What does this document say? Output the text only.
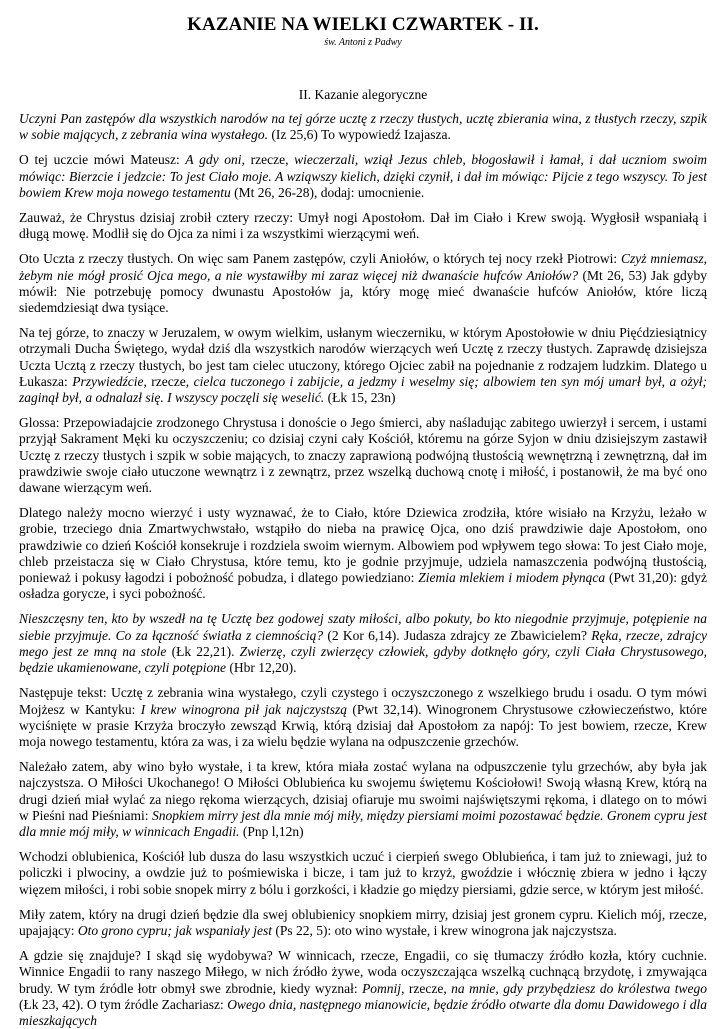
KAZANIE NA WIELKI CZWARTEK - II.
św. Antoni z Padwy
II. Kazanie alegoryczne

Uczyni Pan zastępów dla wszystkich narodów na tej górze ucztę z rzeczy tłustych, ucztę zbierania wina, z tłustych rzeczy, szpik w sobie mających, z zebrania wina wystałego. (Iz 25,6) To wypowiedź Izajasza.

O tej uczcie mówi Mateusz: A gdy oni, rzecze, wieczerzali, wziął Jezus chleb, błogosławił i łamał, i dał uczniom swoim mówiąc: Bierzcie i jedzcie: To jest Ciało moje. A wziąwszy kielich, dzięki czynił, i dał im mówiąc: Pijcie z tego wszyscy. To jest bowiem Krew moja nowego testamentu (Mt 26, 26-28), dodaj: umocnienie.

Zauważ, że Chrystus dzisiaj zrobił cztery rzeczy: Umył nogi Apostołom. Dał im Ciało i Krew swoją. Wygłosił wspaniałą i długą mowę. Modlił się do Ojca za nimi i za wszystkimi wierzącymi weń.

Oto Uczta z rzeczy tłustych. On więc sam Panem zastępów, czyli Aniołów, o których tej nocy rzekł Piotrowi: Czyż mniemasz, żebym nie mógł prosić Ojca mego, a nie wystawiłby mi zaraz więcej niż dwanaście hufców Aniołów? (Mt 26, 53) Jak gdyby mówił: Nie potrzebuję pomocy dwunastu Apostołów ja, który mogę mieć dwanaście hufców Aniołów, które liczą siedemdziesiąt dwa tysiące.

Na tej górze, to znaczy w Jeruzalem, w owym wielkim, usłanym wieczerniku, w którym Apostołowie w dniu Pięćdziesiątnicy otrzymali Ducha Świętego, wydał dziś dla wszystkich narodów wierzących weń Ucztę z rzeczy tłustych. Zaprawdę dzisiejsza Uczta Ucztą z rzeczy tłustych, bo jest tam cielec utuczony, którego Ojciec zabił na pojednanie z rodzajem ludzkim. Dlatego u Łukasza: Przywiedźcie, rzecze, cielca tuczonego i zabijcie, a jedzmy i weselmy się; albowiem ten syn mój umarł był, a ożył; zaginął był, a odnalazł się. I wszyscy poczęli się weselić. (Łk 15, 23n)

Glossa: Przepowiadajcie zrodzonego Chrystusa i donoście o Jego śmierci, aby naśladując zabitego uwierzył i sercem, i ustami przyjął Sakrament Męki ku oczyszczeniu; co dzisiaj czyni cały Kościół, któremu na górze Syjon w dniu dzisiejszym zastawił Ucztę z rzeczy tłustych i szpik w sobie mających, to znaczy zaprawioną podwójną tłustością wewnętrzną i zewnętrzną, dał im prawdziwie swoje ciało utuczone wewnątrz i z zewnątrz, przez wszelką duchową cnotę i miłość, i postanowił, że ma być ono dawane wierzącym weń.

Dlatego należy mocno wierzyć i usty wyznawać, że to Ciało, które Dziewica zrodziła, które wisiało na Krzyżu, leżało w grobie, trzeciego dnia Zmartwychwstało, wstąpiło do nieba na prawicę Ojca, ono dziś prawdziwie daje Apostołom, ono prawdziwie co dzień Kościół konsekruje i rozdziela swoim wiernym. Albowiem pod wpływem tego słowa: To jest Ciało moje, chleb przeistacza się w Ciało Chrystusa, które temu, kto je godnie przyjmuje, udziela namaszczenia podwójną tłustością, ponieważ i pokusy łagodzi i pobożność pobudza, i dlatego powiedziano: Ziemia mlekiem i miodem płynąca (Pwt 31,20): gdyż osładza gorycze, i syci pobożność.

Nieszczęsny ten, kto by wszedł na tę Ucztę bez godowej szaty miłości, albo pokuty, bo kto niegodnie przyjmuje, potępienie na siebie przyjmuje. Co za łączność światła z ciemnością? (2 Kor 6,14). Judasza zdrajcy ze Zbawicielem? Ręka, rzecze, zdrajcy mego jest ze mną na stole (Łk 22,21). Zwierzę, czyli zwierzęcy człowiek, gdyby dotknęło góry, czyli Ciała Chrystusowego, będzie ukamienowane, czyli potępione (Hbr 12,20).

Następuje tekst: Ucztę z zebrania wina wystałego, czyli czystego i oczyszczonego z wszelkiego brudu i osadu. O tym mówi Mojżesz w Kantyku: I krew winogrona pił jak najczystszą (Pwt 32,14). Winogronem Chrystusowe człowieczeństwo, które wyciśnięte w prasie Krzyża broczyło zewsząd Krwią, którą dzisiaj dał Apostołom za napój: To jest bowiem, rzecze, Krew moja nowego testamentu, która za was, i za wielu będzie wylana na odpuszczenie grzechów.

Należało zatem, aby wino było wystałe, i ta krew, która miała zostać wylana na odpuszczenie tylu grzechów, aby była jak najczystsza. O Miłości Ukochanego! O Miłości Oblubieńca ku swojemu świętemu Kościołowi! Swoją własną Krew, którą na drugi dzień miał wylać za niego rękoma wierzących, dzisiaj ofiaruje mu swoimi najświętszymi rękoma, i dlatego on to mówi w Pieśni nad Pieśniami: Snopkiem mirry jest dla mnie mój miły, między piersiami moimi pozostawać będzie. Gronem cypru jest dla mnie mój miły, w winnicach Engadii. (Pnp l,12n)

Wchodzi oblubienica, Kościół lub dusza do lasu wszystkich uczuć i cierpień swego Oblubieńca, i tam już to zniewagi, już to policzki i plwociny, a owdzie już to pośmiewiska i bicze, i tam już to krzyż, gwoździe i włócznię zbiera w jedno i łączy więzem miłości, i robi sobie snopek mirry z bólu i gorzkości, i kładzie go między piersiami, gdzie serce, w którym jest miłość.

Miły zatem, który na drugi dzień będzie dla swej oblubienicy snopkiem mirry, dzisiaj jest gronem cypru. Kielich mój, rzecze, upajający: Oto grono cypru; jak wspaniały jest (Ps 22, 5): oto wino wystałe, i krew winogrona jak najczystsza.

A gdzie się znajduje? I skąd się wydobywa? W winnicach, rzecze, Engadii, co się tłumaczy źródło kozła, który cuchnie. Winnice Engadii to rany naszego Miłego, w nich źródło żywe, woda oczyszczająca wszelką cuchnącą brzydotę, i zmywająca brudy. W tym źródle łotr obmył swe zbrodnie, kiedy wyznał: Pomnij, rzecze, na mnie, gdy przybędziesz do królestwa twego (Łk 23, 42). O tym źródle Zachariasz: Owego dnia, następnego mianowicie, będzie źródło otwarte dla domu Dawidowego i dla mieszkających
